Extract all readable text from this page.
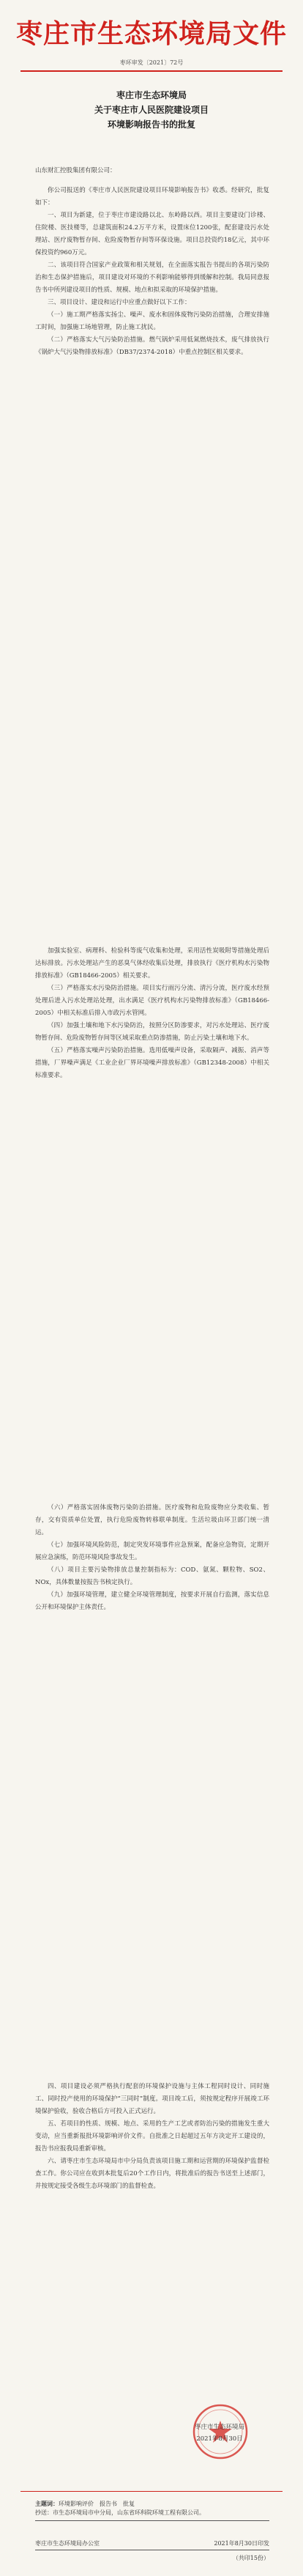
枣庄市生态环境局文件
枣环审发〔2021〕72号
枣庄市生态环境局
关于枣庄市人民医院建设项目
环境影响报告书的批复
山东财汇控股集团有限公司：

你公司报送的《枣庄市人民医院建设项目环境影响报告书》收悉。经研究，批复如下：

一、项目为新建，位于枣庄市建设路以北、东岭路以西。项目主要建设门诊楼、住院楼、医技楼等，总建筑面积24.2万平方米，设置床位1200张，配套建设污水处理站、医疗废物暂存间、危险废物暂存间等环保设施。项目总投资约18亿元，其中环保投资约960万元。

二、该项目符合国家产业政策和相关规划，在全面落实报告书提出的各项污染防治和生态保护措施后，项目建设对环境的不利影响能够得到缓解和控制。我局同意报告书中所列建设项目的性质、规模、地点和拟采取的环境保护措施。

三、项目设计、建设和运行中应重点做好以下工作：

（一）施工期严格落实扬尘、噪声、废水和固体废物污染防治措施，合理安排施工时间，加强施工场地管理，防止施工扰民。

（二）严格落实大气污染防治措施。燃气锅炉采用低氮燃烧技术，废气排放执行《锅炉大气污染物排放标准》（DB37/2374-2018）中重点控制区相关要求。

加强实验室、病理科、检验科等废气收集和处理，采用活性炭吸附等措施处理后达标排放。污水处理站产生的恶臭气体经收集后处理，排放执行《医疗机构水污染物排放标准》（GB18466-2005）相关要求。

（三）严格落实水污染防治措施。项目实行雨污分流、清污分流，医疗废水经预处理后进入污水处理站处理，出水满足《医疗机构水污染物排放标准》（GB18466-2005）中相关标准后排入市政污水管网。

（四）加强土壤和地下水污染防治，按照分区防渗要求，对污水处理站、医疗废物暂存间、危险废物暂存间等区域采取重点防渗措施，防止污染土壤和地下水。

（五）严格落实噪声污染防治措施。选用低噪声设备，采取隔声、减振、消声等措施，厂界噪声满足《工业企业厂界环境噪声排放标准》（GB12348-2008）中相关标准要求。

（六）严格落实固体废物污染防治措施。医疗废物和危险废物应分类收集、暂存，交有资质单位处置，执行危险废物转移联单制度。生活垃圾由环卫部门统一清运。

（七）加强环境风险防范，制定突发环境事件应急预案，配备应急物资，定期开展应急演练，防范环境风险事故发生。

（八）项目主要污染物排放总量控制指标为：COD、氨氮、颗粒物、SO2、NOx，具体数量按报告书核定执行。

（九）加强环境管理，建立健全环境管理制度，按要求开展自行监测，落实信息公开和环境保护主体责任。

四、项目建设必须严格执行配套的环境保护设施与主体工程同时设计、同时施工、同时投产使用的环境保护“三同时”制度。项目竣工后，须按规定程序开展竣工环境保护验收，验收合格后方可投入正式运行。

五、若项目的性质、规模、地点、采用的生产工艺或者防治污染的措施发生重大变动，应当重新报批环境影响评价文件。自批准之日起超过五年方决定开工建设的，报告书应报我局重新审核。

六、请枣庄市生态环境局市中分局负责该项目施工期和运营期的环境保护监督检查工作。你公司应在收到本批复后20个工作日内，将批准后的报告书送至上述部门，并按规定接受各级生态环境部门的监督检查。

枣庄市生态环境局
2021年8月30日
主题词：环境影响评价　报告书　批复
抄送：市生态环境局市中分局，山东省环科院环境工程有限公司。
枣庄市生态环境局办公室	2021年8月30日印发
（共印15份）
